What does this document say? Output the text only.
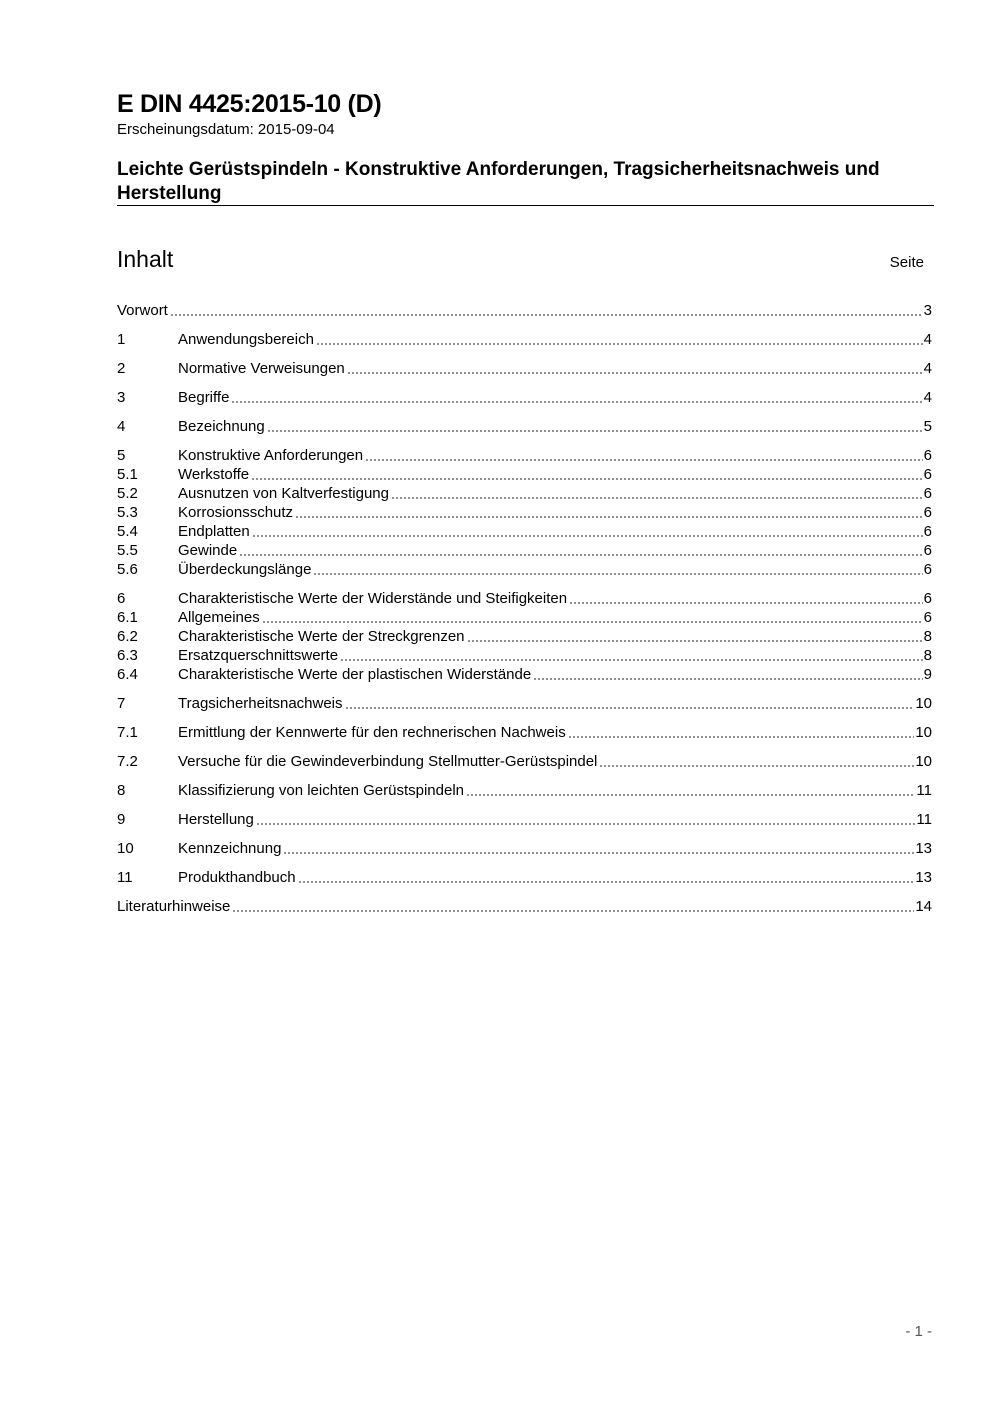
E DIN 4425:2015-10 (D)
Erscheinungsdatum: 2015-09-04
Leichte Gerüstspindeln - Konstruktive Anforderungen, Tragsicherheitsnachweis und Herstellung
Inhalt	Seite
Vorwort	3
1	Anwendungsbereich	4
2	Normative Verweisungen	4
3	Begriffe	4
4	Bezeichnung	5
5	Konstruktive Anforderungen	6
5.1	Werkstoffe	6
5.2	Ausnutzen von Kaltverfestigung	6
5.3	Korrosionsschutz	6
5.4	Endplatten	6
5.5	Gewinde	6
5.6	Überdeckungslänge	6
6	Charakteristische Werte der Widerstände und Steifigkeiten	6
6.1	Allgemeines	6
6.2	Charakteristische Werte der Streckgrenzen	8
6.3	Ersatzquerschnittswerte	8
6.4	Charakteristische Werte der plastischen Widerstände	9
7	Tragsicherheitsnachweis	10
7.1	Ermittlung der Kennwerte für den rechnerischen Nachweis	10
7.2	Versuche für die Gewindeverbindung Stellmutter-Gerüstspindel	10
8	Klassifizierung von leichten Gerüstspindeln	11
9	Herstellung	11
10	Kennzeichnung	13
11	Produkthandbuch	13
Literaturhinweise	14
- 1 -
